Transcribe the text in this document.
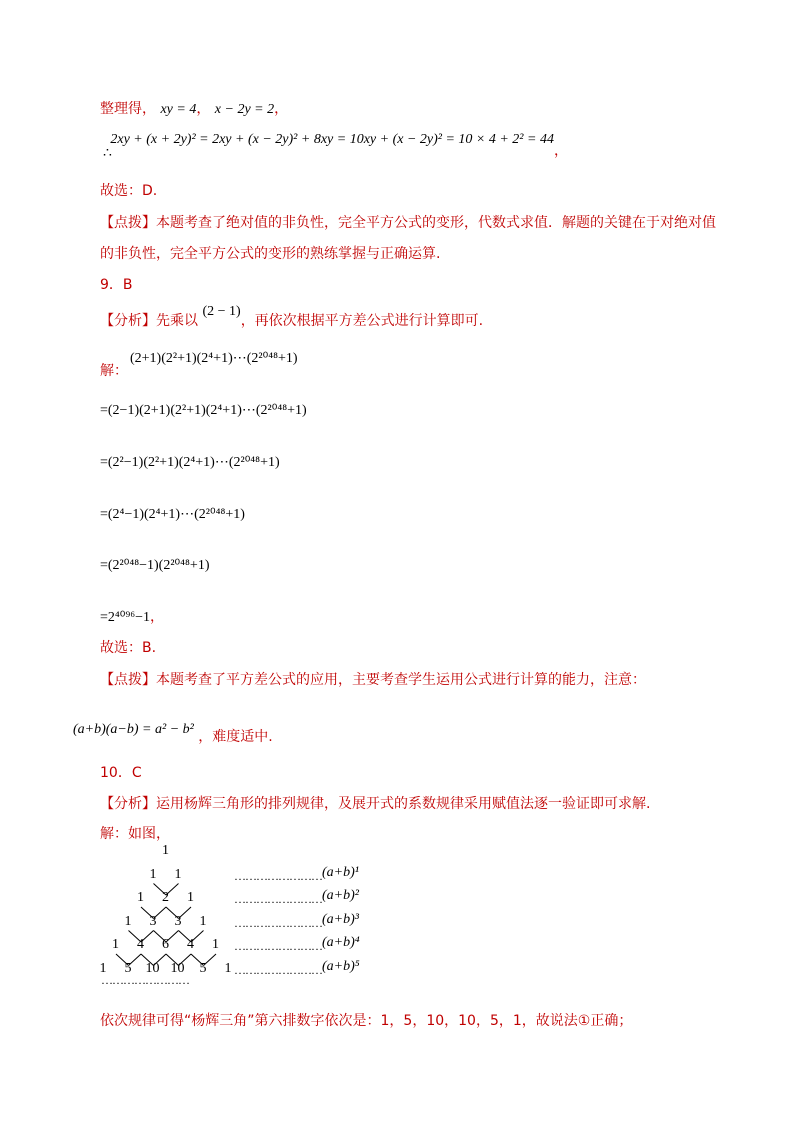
整理得， xy = 4， x − 2y = 2，
∴ 2xy + (x + 2y)² = 2xy + (x − 2y)² + 8xy = 10xy + (x − 2y)² = 10 × 4 + 2² = 44，
故选：D.
【点拨】本题考查了绝对值的非负性，完全平方公式的变形，代数式求值．解题的关键在于对绝对值
的非负性，完全平方公式的变形的熟练掌握与正确运算.
9．B
【分析】先乘以 (2 − 1)，再依次根据平方差公式进行计算即可.
解：
(2+1)(2²+1)(2⁴+1)⋯(2²⁰⁴⁸+1)
=(2−1)(2+1)(2²+1)(2⁴+1)⋯(2²⁰⁴⁸+1)
=(2²−1)(2²+1)(2⁴+1)⋯(2²⁰⁴⁸+1)
=(2⁴−1)(2⁴+1)⋯(2²⁰⁴⁸+1)
=(2²⁰⁴⁸−1)(2²⁰⁴⁸+1)
=2⁴⁰⁹⁶−1，
故选：B.
【点拨】本题考查了平方差公式的应用，主要考查学生运用公式进行计算的能力，注意：
(a+b)(a−b) = a² − b² ，难度适中.
10．C
【分析】运用杨辉三角形的排列规律，及展开式的系数规律采用赋值法逐一验证即可求解.
解：如图，
1
1 1
1 2 1
1 3 3 1
1 4 6 4 1
1 5 10 10 5 1
……………………
…………………… (a+b)¹
…………………… (a+b)²
…………………… (a+b)³
…………………… (a+b)⁴
…………………… (a+b)⁵
依次规律可得“杨辉三角”第六排数字依次是：1，5，10，10，5，1，故说法①正确；
